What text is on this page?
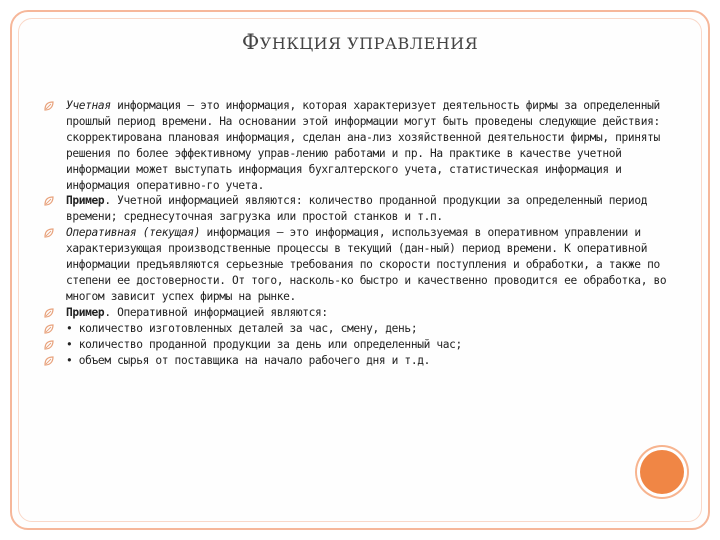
ФУНКЦИЯ УПРАВЛЕНИЯ

Учетная информация — это информация, которая характеризует деятельность фирмы за определенный прошлый период времени. На основании этой информации могут быть проведены следующие действия: скорректирована плановая информация, сделан ана-лиз хозяйственной деятельности фирмы, приняты решения по более эффективному управ-лению работами и пр. На практике в качестве учетной информации может выступать информация бухгалтерского учета, статистическая информация и информация оперативно-го учета.

Пример. Учетной информацией являются: количество проданной продукции за определенный период времени; среднесуточная загрузка или простой станков и т.п.

Оперативная (текущая) информация — это информация, используемая в оперативном управлении и характеризующая производственные процессы в текущий (дан-ный) период времени. К оперативной информации предъявляются серьезные требования по скорости поступления и обработки, а также по степени ее достоверности. От того, насколь-ко быстро и качественно проводится ее обработка, во многом зависит успех фирмы на рынке.

Пример. Оперативной информацией являются:

• количество изготовленных деталей за час, смену, день;

• количество проданной продукции за день или определенный час;

• объем сырья от поставщика на начало рабочего дня и т.д.
